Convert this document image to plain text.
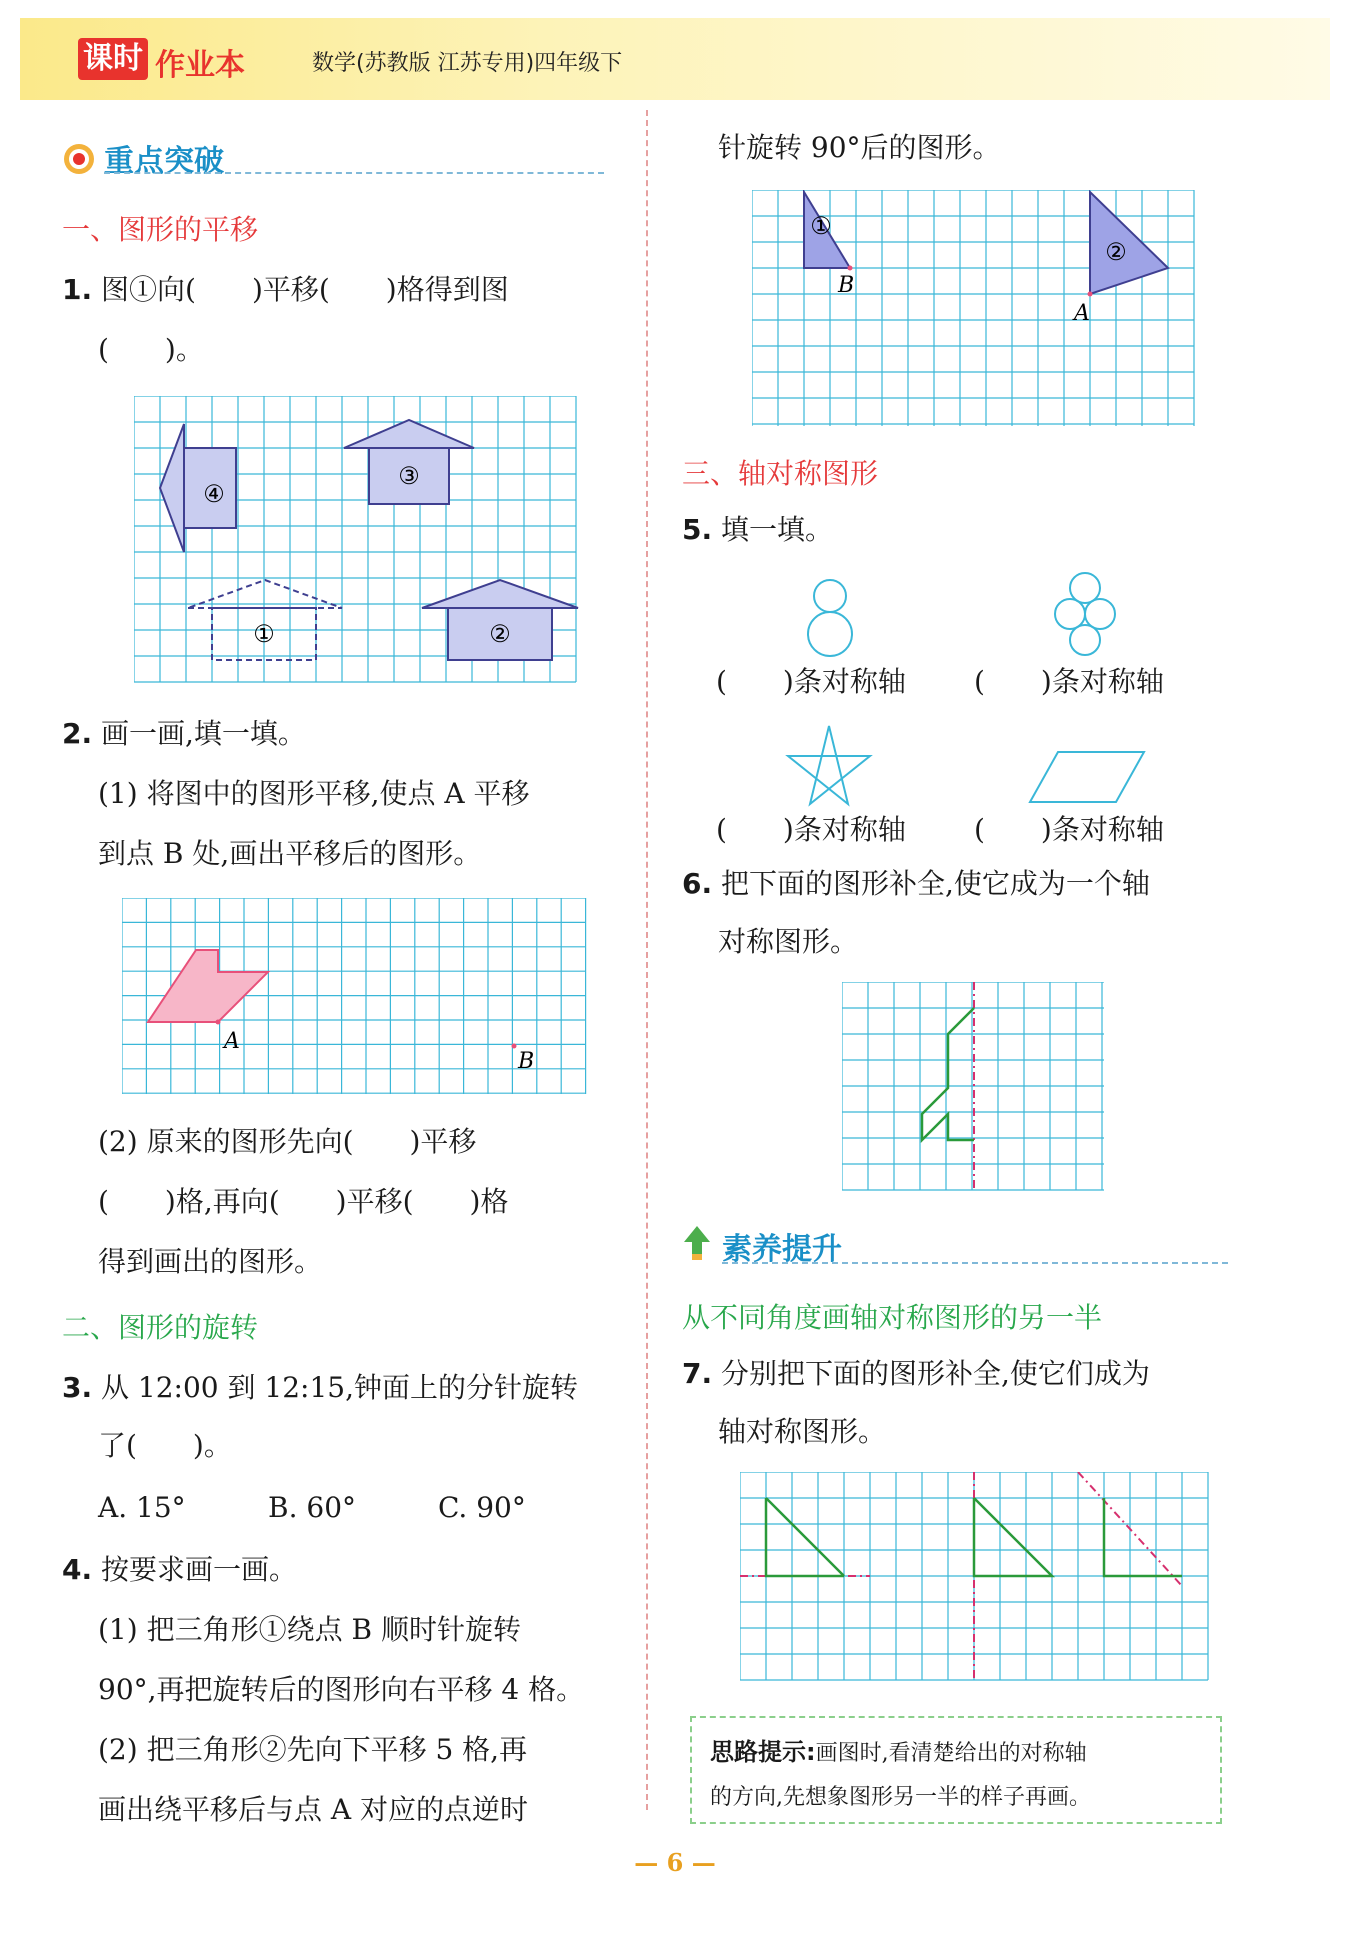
课时 作业本	数学(苏教版 江苏专用)四年级下
重点突破
一、图形的平移
1. 图①向(　　)平移(　　)格得到图
(　　)。
④
③
①	②
2. 画一画,填一填。
(1) 将图中的图形平移,使点 A 平移
到点 B 处,画出平移后的图形。
A
B
(2) 原来的图形先向(　　)平移
(　　)格,再向(　　)平移(　　)格
得到画出的图形。
二、图形的旋转
3. 从 12:00 到 12:15,钟面上的分针旋转
了(　　)。
A. 15°	B. 60°	C. 90°
4. 按要求画一画。
(1) 把三角形①绕点 B 顺时针旋转
90°,再把旋转后的图形向右平移 4 格。
(2) 把三角形②先向下平移 5 格,再
画出绕平移后与点 A 对应的点逆时
针旋转 90°后的图形。
①
②
B
A
三、轴对称图形
5. 填一填。
(　　)条对称轴 (　　)条对称轴
(　　)条对称轴 (　　)条对称轴
6. 把下面的图形补全,使它成为一个轴
对称图形。
素养提升
从不同角度画轴对称图形的另一半
7. 分别把下面的图形补全,使它们成为
轴对称图形。
思路提示:画图时,看清楚给出的对称轴
的方向,先想象图形另一半的样子再画。
— 6 —
